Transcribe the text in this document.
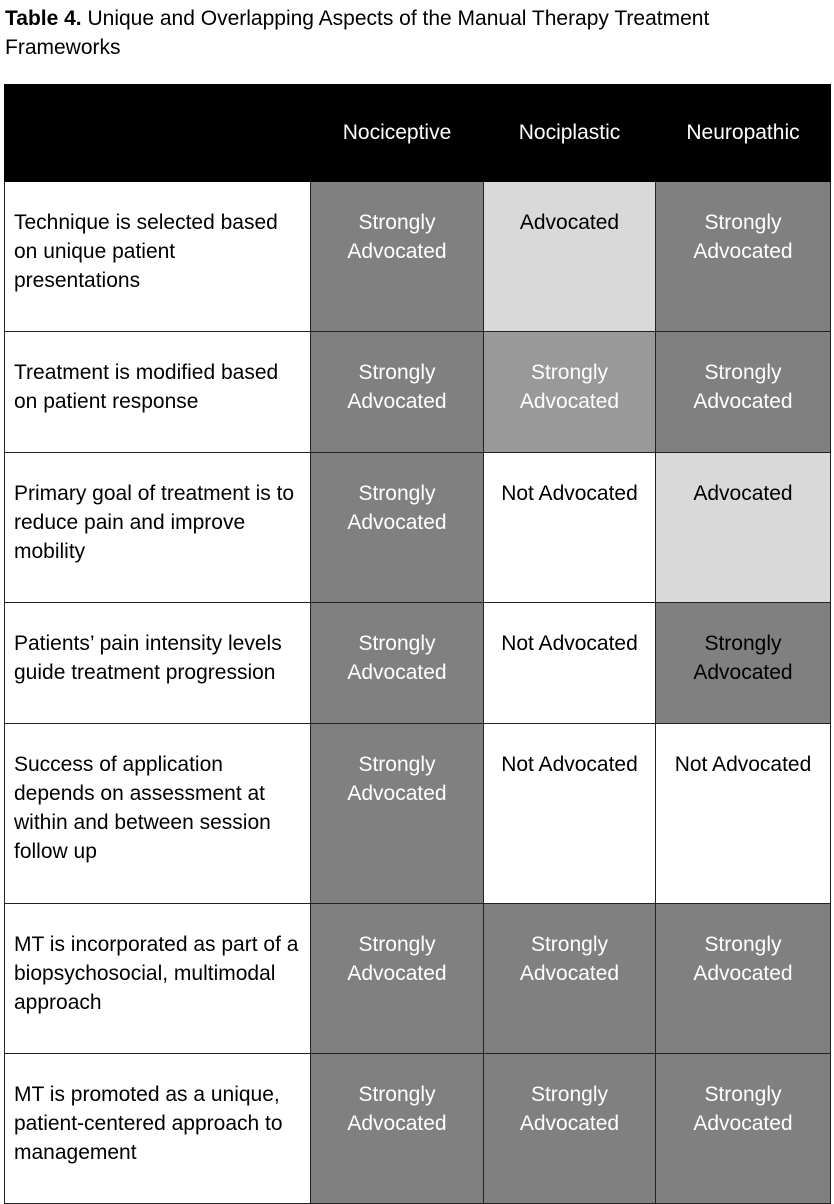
Table 4. Unique and Overlapping Aspects of the Manual Therapy Treatment Frameworks
	Nociceptive	Nociplastic	Neuropathic
Technique is selected based on unique patient presentations	Strongly Advocated	Advocated	Strongly Advocated
Treatment is modified based on patient response	Strongly Advocated	Strongly Advocated	Strongly Advocated
Primary goal of treatment is to reduce pain and improve mobility	Strongly Advocated	Not Advocated	Advocated
Patients’ pain intensity levels guide treatment progression	Strongly Advocated	Not Advocated	Strongly Advocated
Success of application depends on assessment at within and between session follow up	Strongly Advocated	Not Advocated	Not Advocated
MT is incorporated as part of a biopsychosocial, multimodal approach	Strongly Advocated	Strongly Advocated	Strongly Advocated
MT is promoted as a unique, patient-centered approach to management	Strongly Advocated	Strongly Advocated	Strongly Advocated
